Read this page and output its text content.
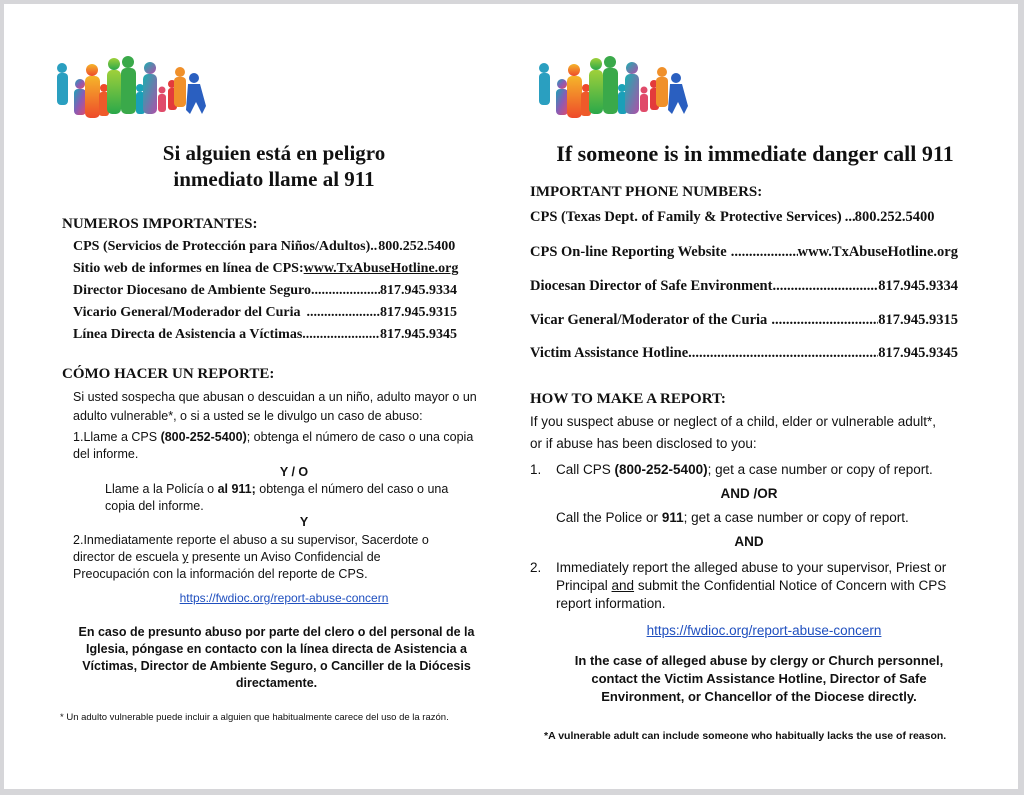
Si alguien está en peligro
inmediato llame al 911
NUMEROS IMPORTANTES:
CPS (Servicios de Protección para Niños/Adultos) ..... 800.252.5400
Sitio web de informes en línea de CPS: www.TxAbuseHotline.org
Director Diocesano de Ambiente Seguro .....	817.945.9334
Vicario General/Moderador del Curia .....	817.945.9315
Línea Directa de Asistencia a Víctimas .....	817.945.9345
CÓMO HACER UN REPORTE:
Si usted sospecha que abusan o descuidan a un niño, adulto mayor o un adulto vulnerable*, o si a usted se le divulgo un caso de abuso:
1.Llame a CPS (800-252-5400); obtenga el número de caso o una copia del informe.
Y / O
Llame a la Policía o al 911; obtenga el número del caso o una copia del informe.
Y
2.Inmediatamente reporte el abuso a su supervisor, Sacerdote o director de escuela y presente un Aviso Confidencial de Preocupación con la información del reporte de CPS.
https://fwdioc.org/report-abuse-concern
En caso de presunto abuso por parte del clero o del personal de la Iglesia, póngase en contacto con la línea directa de Asistencia a Víctimas, Director de Ambiente Seguro, o Canciller de la Diócesis directamente.
* Un adulto vulnerable puede incluir a alguien que habitualmente carece del uso de la razón.
If someone is in immediate danger call 911
IMPORTANT PHONE NUMBERS:
CPS (Texas Dept. of Family & Protective Services) ..... 800.252.5400
CPS On-line Reporting Website .....	www.TxAbuseHotline.org
Diocesan Director of Safe Environment .....	817.945.9334
Vicar General/Moderator of the Curia .....	817.945.9315
Victim Assistance Hotline .....	817.945.9345
HOW TO MAKE A REPORT:
If you suspect abuse or neglect of a child, elder or vulnerable adult*,
or if abuse has been disclosed to you:
1.	Call CPS (800-252-5400); get a case number or copy of report.
AND /OR
Call the Police or 911; get a case number or copy of report.
AND
2.	Immediately report the alleged abuse to your supervisor, Priest or Principal and submit the Confidential Notice of Concern with CPS report information.
https://fwdioc.org/report-abuse-concern
In the case of alleged abuse by clergy or Church personnel, contact the Victim Assistance Hotline, Director of Safe Environment, or Chancellor of the Diocese directly.
*A vulnerable adult can include someone who habitually lacks the use of reason.
